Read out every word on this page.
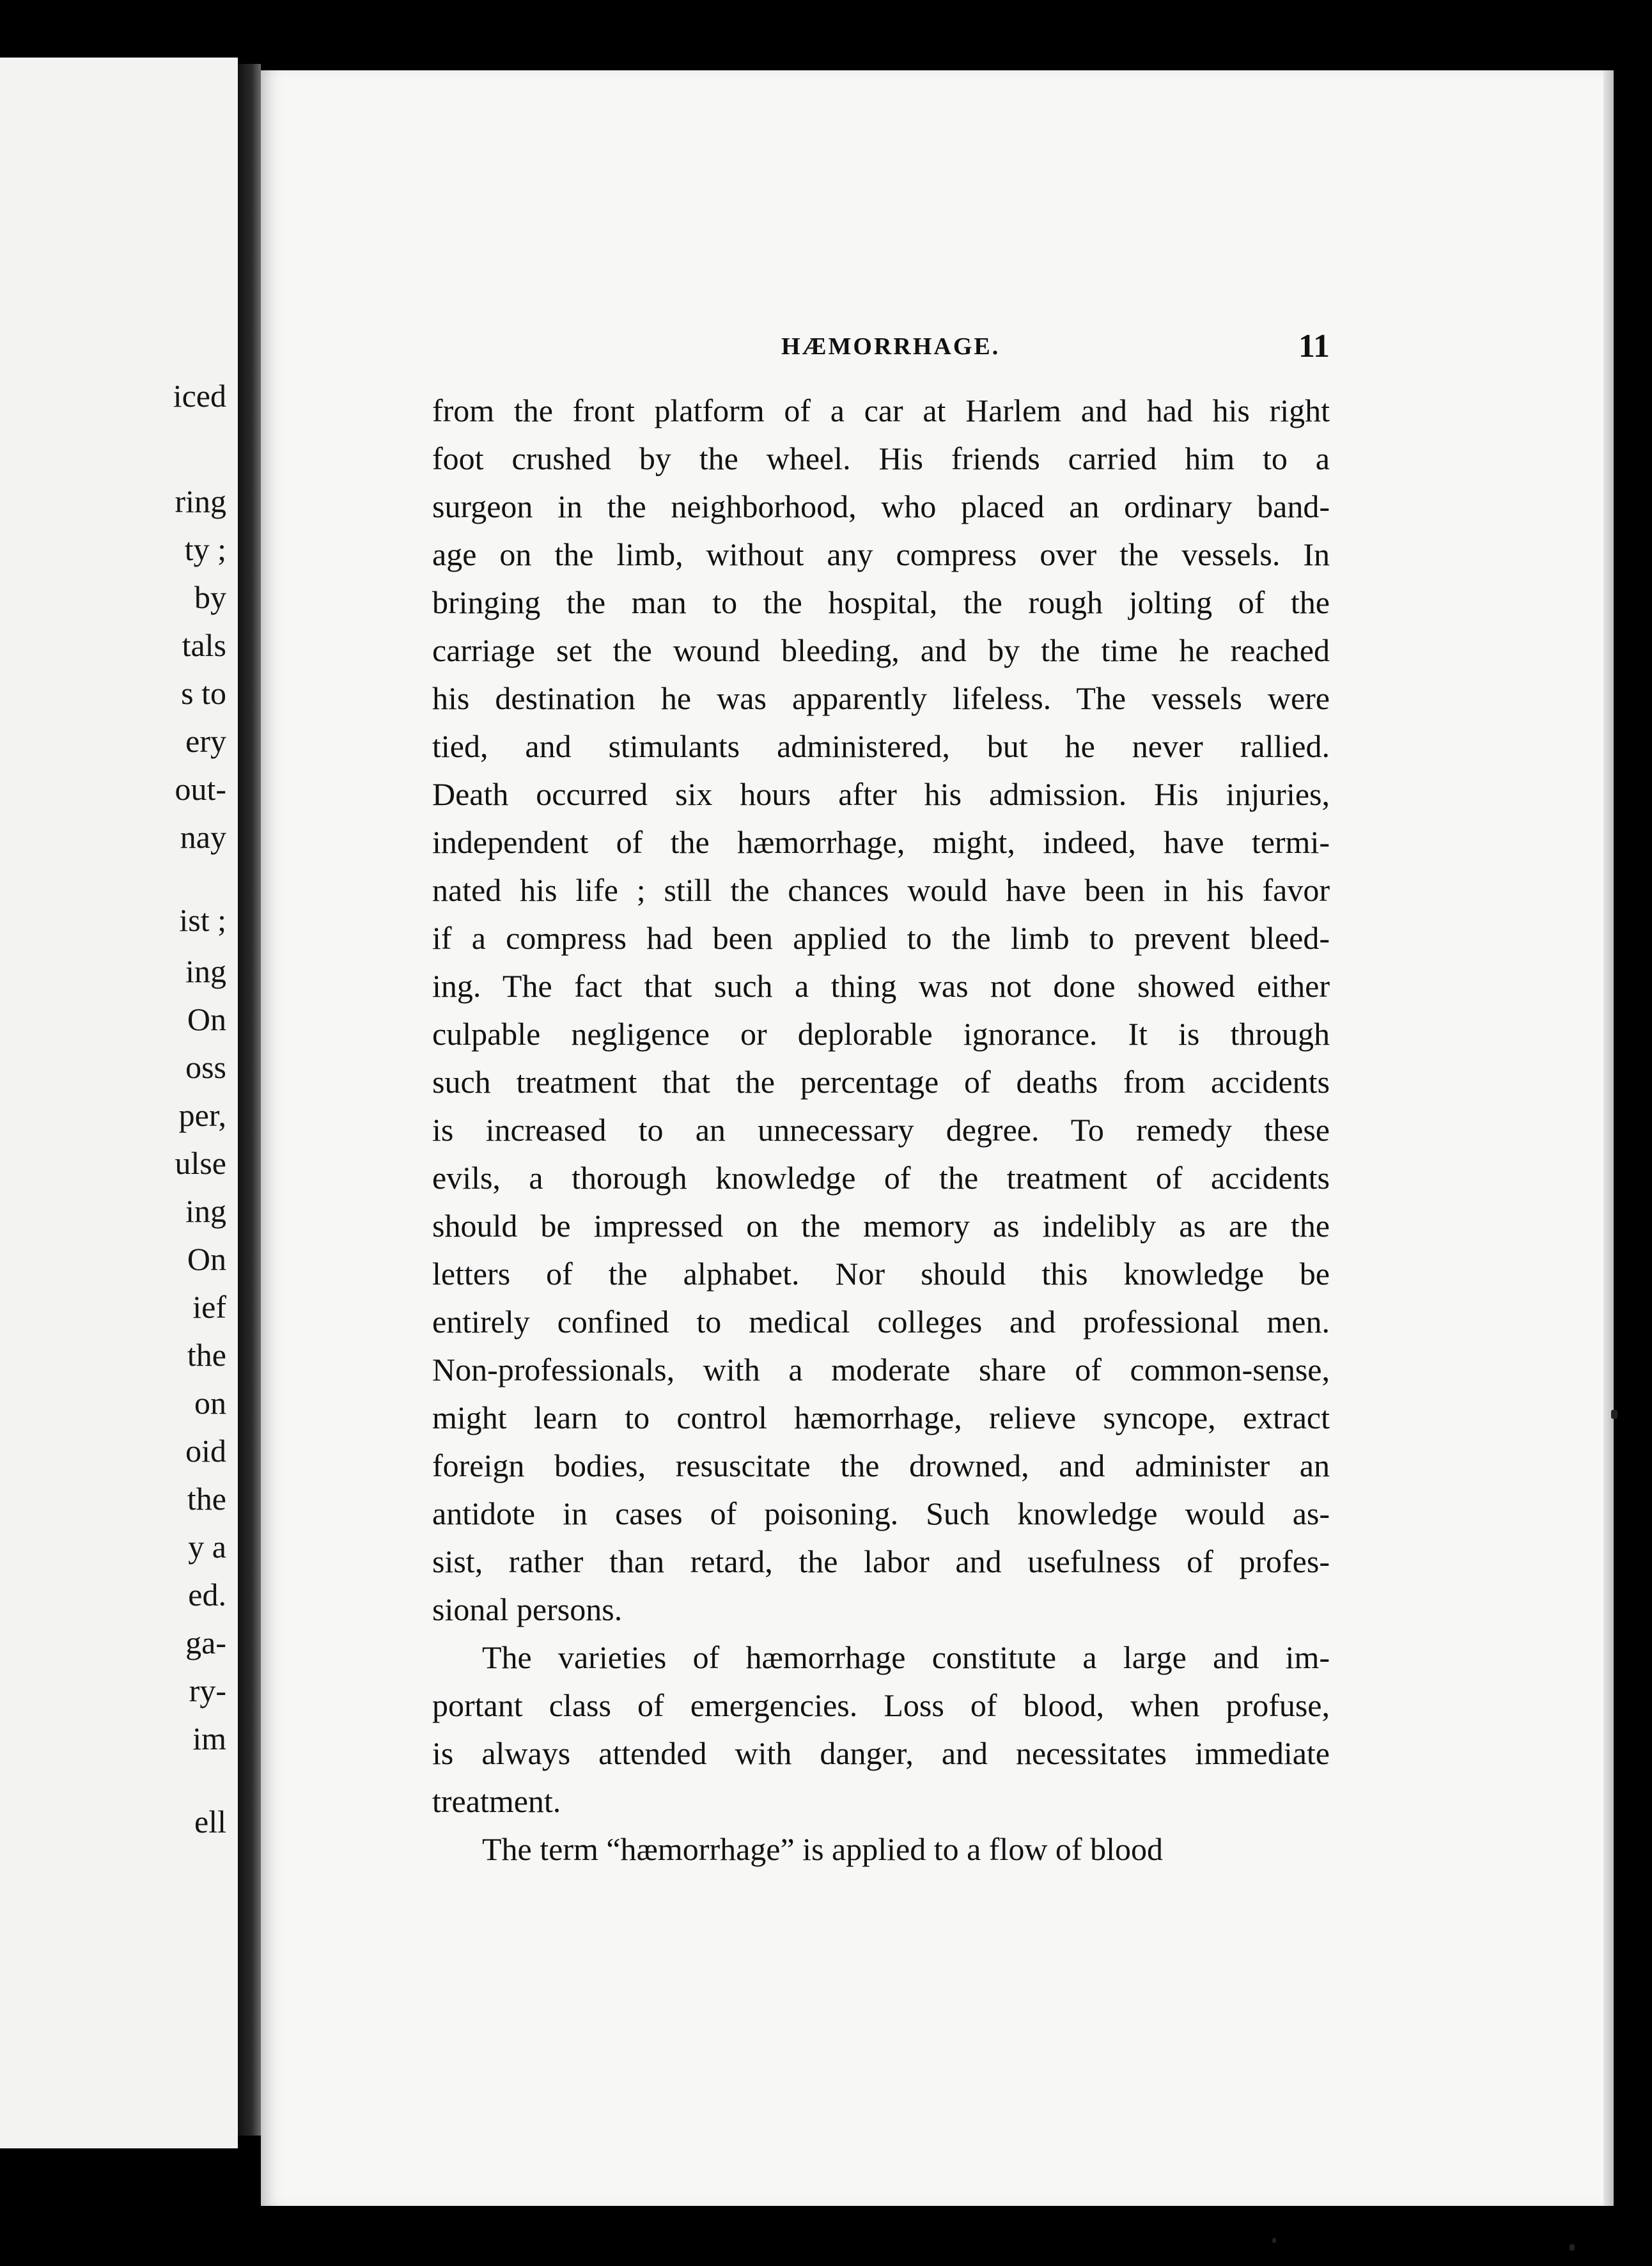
iced

ring

ty ;

by

tals

s to

ery

out-

nay

ist ;

ing

On

oss

per,

ulse

ing

On

ief

the

on

oid

the

y a

ed.

ga-

ry-

im

ell

HÆMORRHAGE.	11

from the front platform of a car at Harlem and had his right
foot crushed by the wheel. His friends carried him to a
surgeon in the neighborhood, who placed an ordinary band-
age on the limb, without any compress over the vessels. In
bringing the man to the hospital, the rough jolting of the
carriage set the wound bleeding, and by the time he reached
his destination he was apparently lifeless. The vessels were
tied, and stimulants administered, but he never rallied.
Death occurred six hours after his admission. His injuries,
independent of the hæmorrhage, might, indeed, have termi-
nated his life ; still the chances would have been in his favor
if a compress had been applied to the limb to prevent bleed-
ing. The fact that such a thing was not done showed either
culpable negligence or deplorable ignorance. It is through
such treatment that the percentage of deaths from accidents
is increased to an unnecessary degree. To remedy these
evils, a thorough knowledge of the treatment of accidents
should be impressed on the memory as indelibly as are the
letters of the alphabet. Nor should this knowledge be
entirely confined to medical colleges and professional men.
Non-professionals, with a moderate share of common-sense,
might learn to control hæmorrhage, relieve syncope, extract
foreign bodies, resuscitate the drowned, and administer an
antidote in cases of poisoning. Such knowledge would as-
sist, rather than retard, the labor and usefulness of profes-
sional persons.
The varieties of hæmorrhage constitute a large and im-
portant class of emergencies. Loss of blood, when profuse,
is always attended with danger, and necessitates immediate
treatment.
The term “hæmorrhage” is applied to a flow of blood
